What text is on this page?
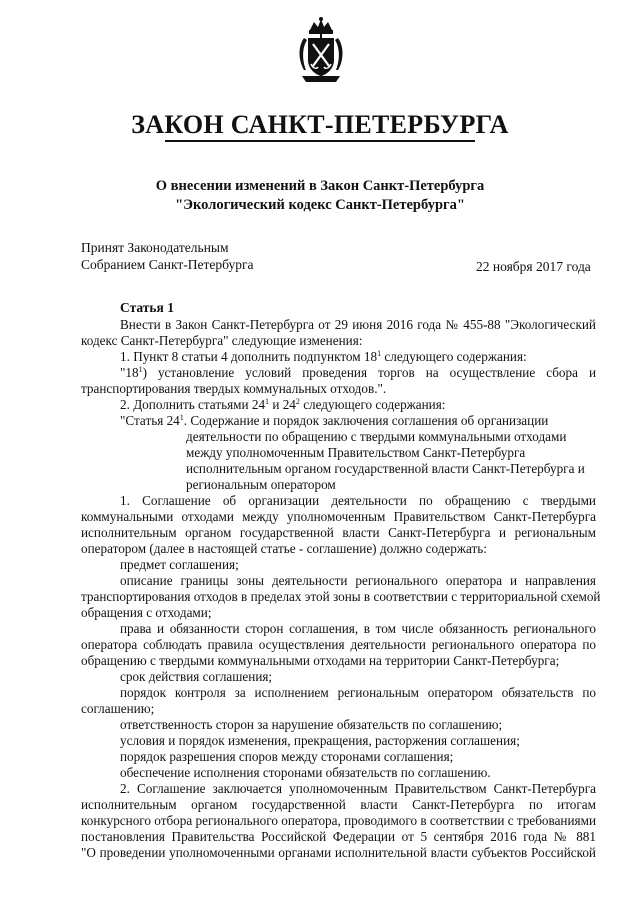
ЗАКОН САНКТ-ПЕТЕРБУРГА
О внесении изменений в Закон Санкт-Петербурга
"Экологический кодекс Санкт-Петербурга"
Принят Законодательным
Собранием Санкт-Петербурга	22 ноября 2017 года
Статья 1
Внести в Закон Санкт-Петербурга от 29 июня 2016 года № 455-88 "Экологический
кодекс Санкт-Петербурга" следующие изменения:
1. Пункт 8 статьи 4 дополнить подпунктом $18^1$ следующего содержания:
"$18^1$) установление условий проведения торгов на осуществление сбора и
транспортирования твердых коммунальных отходов.".
2. Дополнить статьями $24^1$ и $24^2$ следующего содержания:
"Статья $24^1$. Содержание и порядок заключения соглашения об организации
деятельности по обращению с твердыми коммунальными отходами
между уполномоченным Правительством Санкт-Петербурга
исполнительным органом государственной власти Санкт-Петербурга и
региональным оператором
1. Соглашение об организации деятельности по обращению с твердыми
коммунальными отходами между уполномоченным Правительством Санкт-Петербурга
исполнительным органом государственной власти Санкт-Петербурга и региональным
оператором (далее в настоящей статье - соглашение) должно содержать:
предмет соглашения;
описание границы зоны деятельности регионального оператора и направления
транспортирования отходов в пределах этой зоны в соответствии с территориальной схемой
обращения с отходами;
права и обязанности сторон соглашения, в том числе обязанность регионального
оператора соблюдать правила осуществления деятельности регионального оператора по
обращению с твердыми коммунальными отходами на территории Санкт-Петербурга;
срок действия соглашения;
порядок контроля за исполнением региональным оператором обязательств по
соглашению;
ответственность сторон за нарушение обязательств по соглашению;
условия и порядок изменения, прекращения, расторжения соглашения;
порядок разрешения споров между сторонами соглашения;
обеспечение исполнения сторонами обязательств по соглашению.
2. Соглашение заключается уполномоченным Правительством Санкт-Петербурга
исполнительным органом государственной власти Санкт-Петербурга по итогам
конкурсного отбора регионального оператора, проводимого в соответствии с требованиями
постановления Правительства Российской Федерации от 5 сентября 2016 года № 881
"О проведении уполномоченными органами исполнительной власти субъектов Российской
